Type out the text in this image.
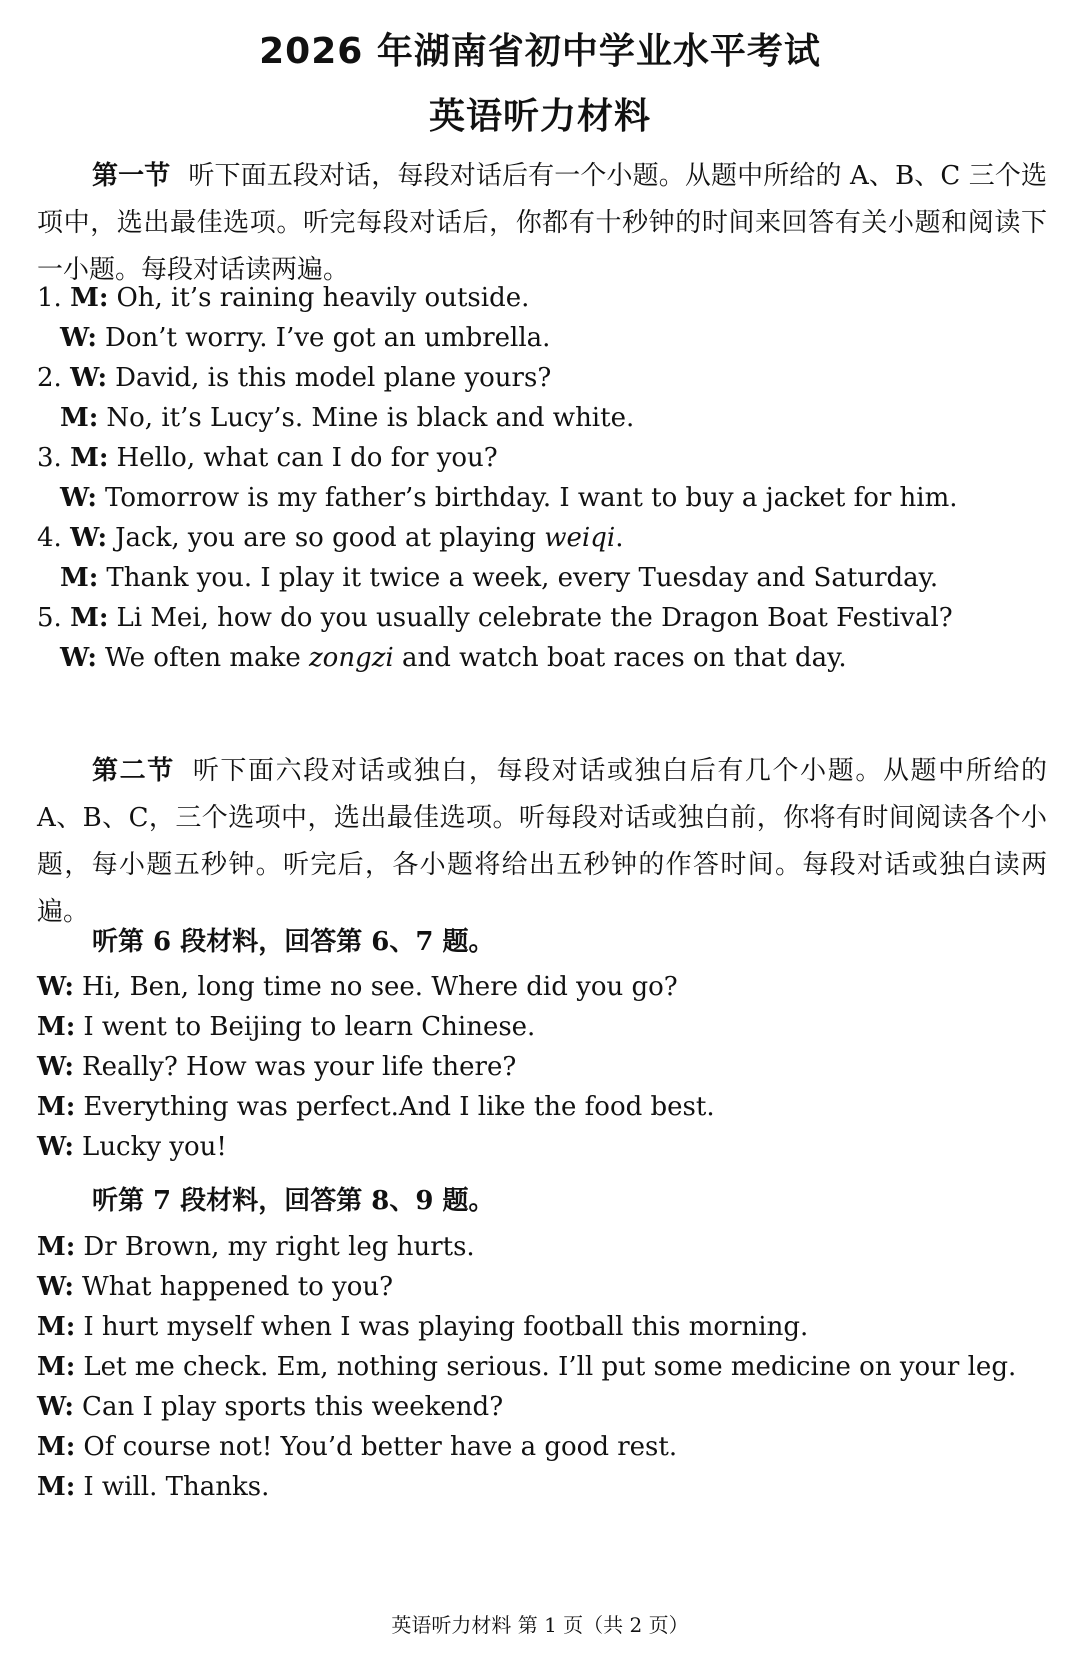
2026 年湖南省初中学业水平考试
英语听力材料
第一节 听下面五段对话，每段对话后有一个小题。从题中所给的 A、B、C 三个选项中，选出最佳选项。听完每段对话后，你都有十秒钟的时间来回答有关小题和阅读下一小题。每段对话读两遍。
1. M: Oh, it’s raining heavily outside.
W: Don’t worry. I’ve got an umbrella.
2. W: David, is this model plane yours?
M: No, it’s Lucy’s. Mine is black and white.
3. M: Hello, what can I do for you?
W: Tomorrow is my father’s birthday. I want to buy a jacket for him.
4. W: Jack, you are so good at playing weiqi.
M: Thank you. I play it twice a week, every Tuesday and Saturday.
5. M: Li Mei, how do you usually celebrate the Dragon Boat Festival?
W: We often make zongzi and watch boat races on that day.
第二节 听下面六段对话或独白，每段对话或独白后有几个小题。从题中所给的 A、B、C，三个选项中，选出最佳选项。听每段对话或独白前，你将有时间阅读各个小题，每小题五秒钟。听完后，各小题将给出五秒钟的作答时间。每段对话或独白读两遍。
听第 6 段材料，回答第 6、7 题。
W: Hi, Ben, long time no see. Where did you go?
M: I went to Beijing to learn Chinese.
W: Really? How was your life there?
M: Everything was perfect.And I like the food best.
W: Lucky you!
听第 7 段材料，回答第 8、9 题。
M: Dr Brown, my right leg hurts.
W: What happened to you?
M: I hurt myself when I was playing football this morning.
M: Let me check. Em, nothing serious. I’ll put some medicine on your leg.
W: Can I play sports this weekend?
M: Of course not! You’d better have a good rest.
M: I will. Thanks.
英语听力材料 第 1 页（共 2 页）
